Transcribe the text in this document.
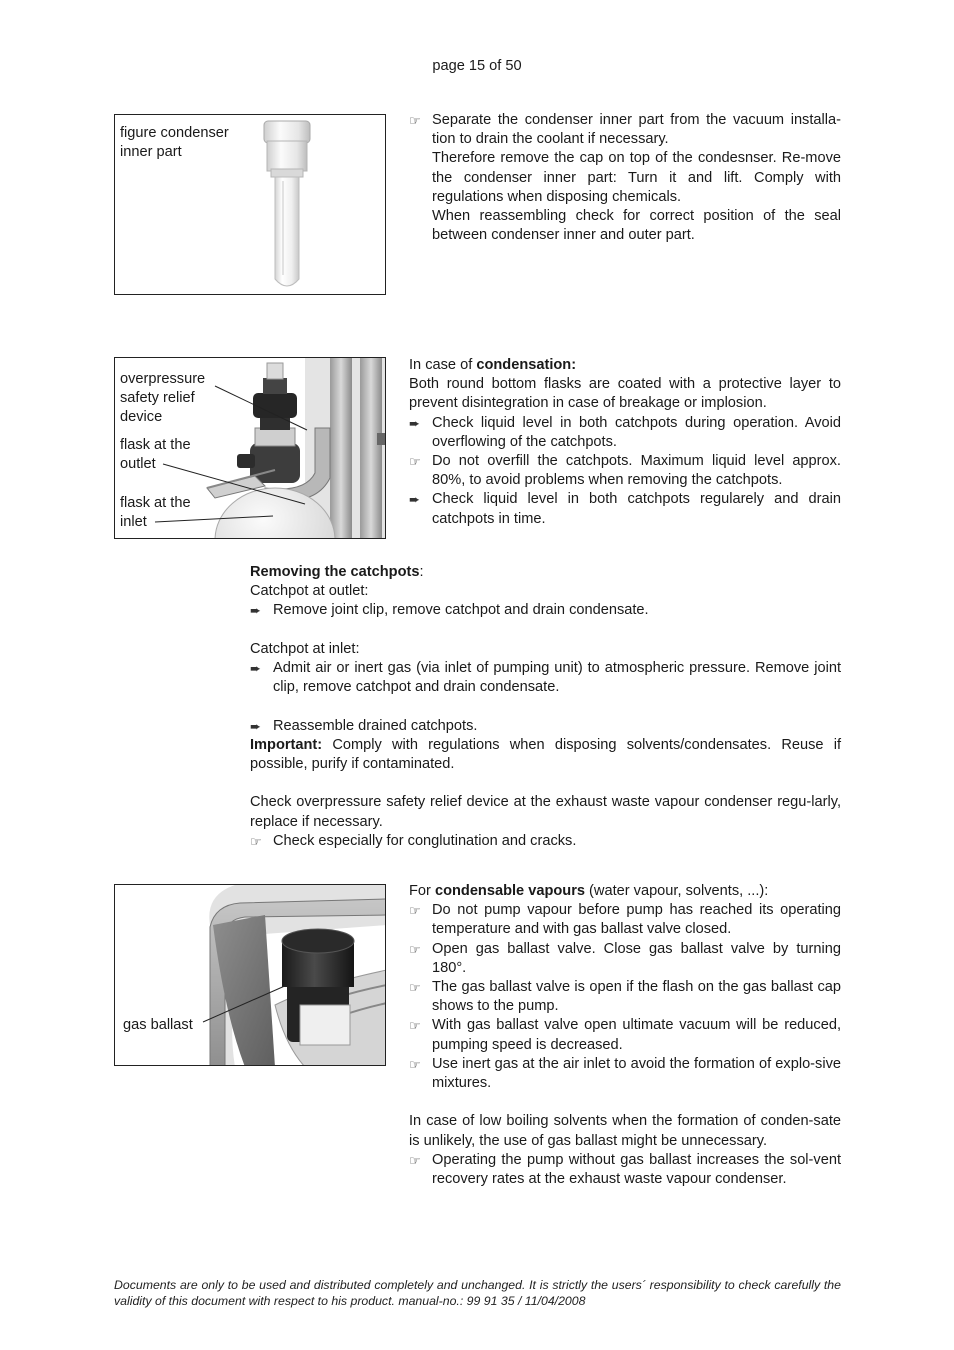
page 15 of 50
figure condenser inner part
☞ Separate the condenser inner part from the vacuum installa-tion to drain the coolant if necessary.

Therefore remove the cap on top of the condesnser. Re-move the condenser inner part: Turn it and lift. Comply with regulations when disposing chemicals.

When reassembling check for correct position of the seal between condenser inner and outer part.

overpressure safety relief device
flask at the outlet
flask at the inlet

In case of condensation:

Both round bottom flasks are coated with a protective layer to prevent disintegration in case of breakage or implosion.

➨ Check liquid level in both catchpots during operation. Avoid overflowing of the catchpots.

☞ Do not overfill the catchpots. Maximum liquid level approx. 80%, to avoid problems when removing the catchpots.

➨ Check liquid level in both catchpots regularely and drain catchpots in time.

Removing the catchpots:

Catchpot at outlet:

➨ Remove joint clip, remove catchpot and drain condensate.

Catchpot at inlet:

➨ Admit air or inert gas (via inlet of pumping unit) to atmospheric pressure. Remove joint clip, remove catchpot and drain condensate.

➨ Reassemble drained catchpots.

Important: Comply with regulations when disposing solvents/condensates. Reuse if possible, purify if contaminated.

Check overpressure safety relief device at the exhaust waste vapour condenser regu-larly, replace if necessary.

☞ Check especially for conglutination and cracks.

gas ballast

For condensable vapours (water vapour, solvents, ...):

☞ Do not pump vapour before pump has reached its operating temperature and with gas ballast valve closed.

☞ Open gas ballast valve. Close gas ballast valve by turning 180°.

☞ The gas ballast valve is open if the flash on the gas ballast cap shows to the pump.

☞ With gas ballast valve open ultimate vacuum will be reduced, pumping speed is decreased.

☞ Use inert gas at the air inlet to avoid the formation of explo-sive mixtures.

In case of low boiling solvents when the formation of conden-sate is unlikely, the use of gas ballast might be unnecessary.

☞ Operating the pump without gas ballast increases the sol-vent recovery rates at the exhaust waste vapour condenser.

Documents are only to be used and distributed completely and unchanged. It is strictly the users´ responsibility to check carefully the validity of this document with respect to his product. manual-no.: 99 91 35 / 11/04/2008
